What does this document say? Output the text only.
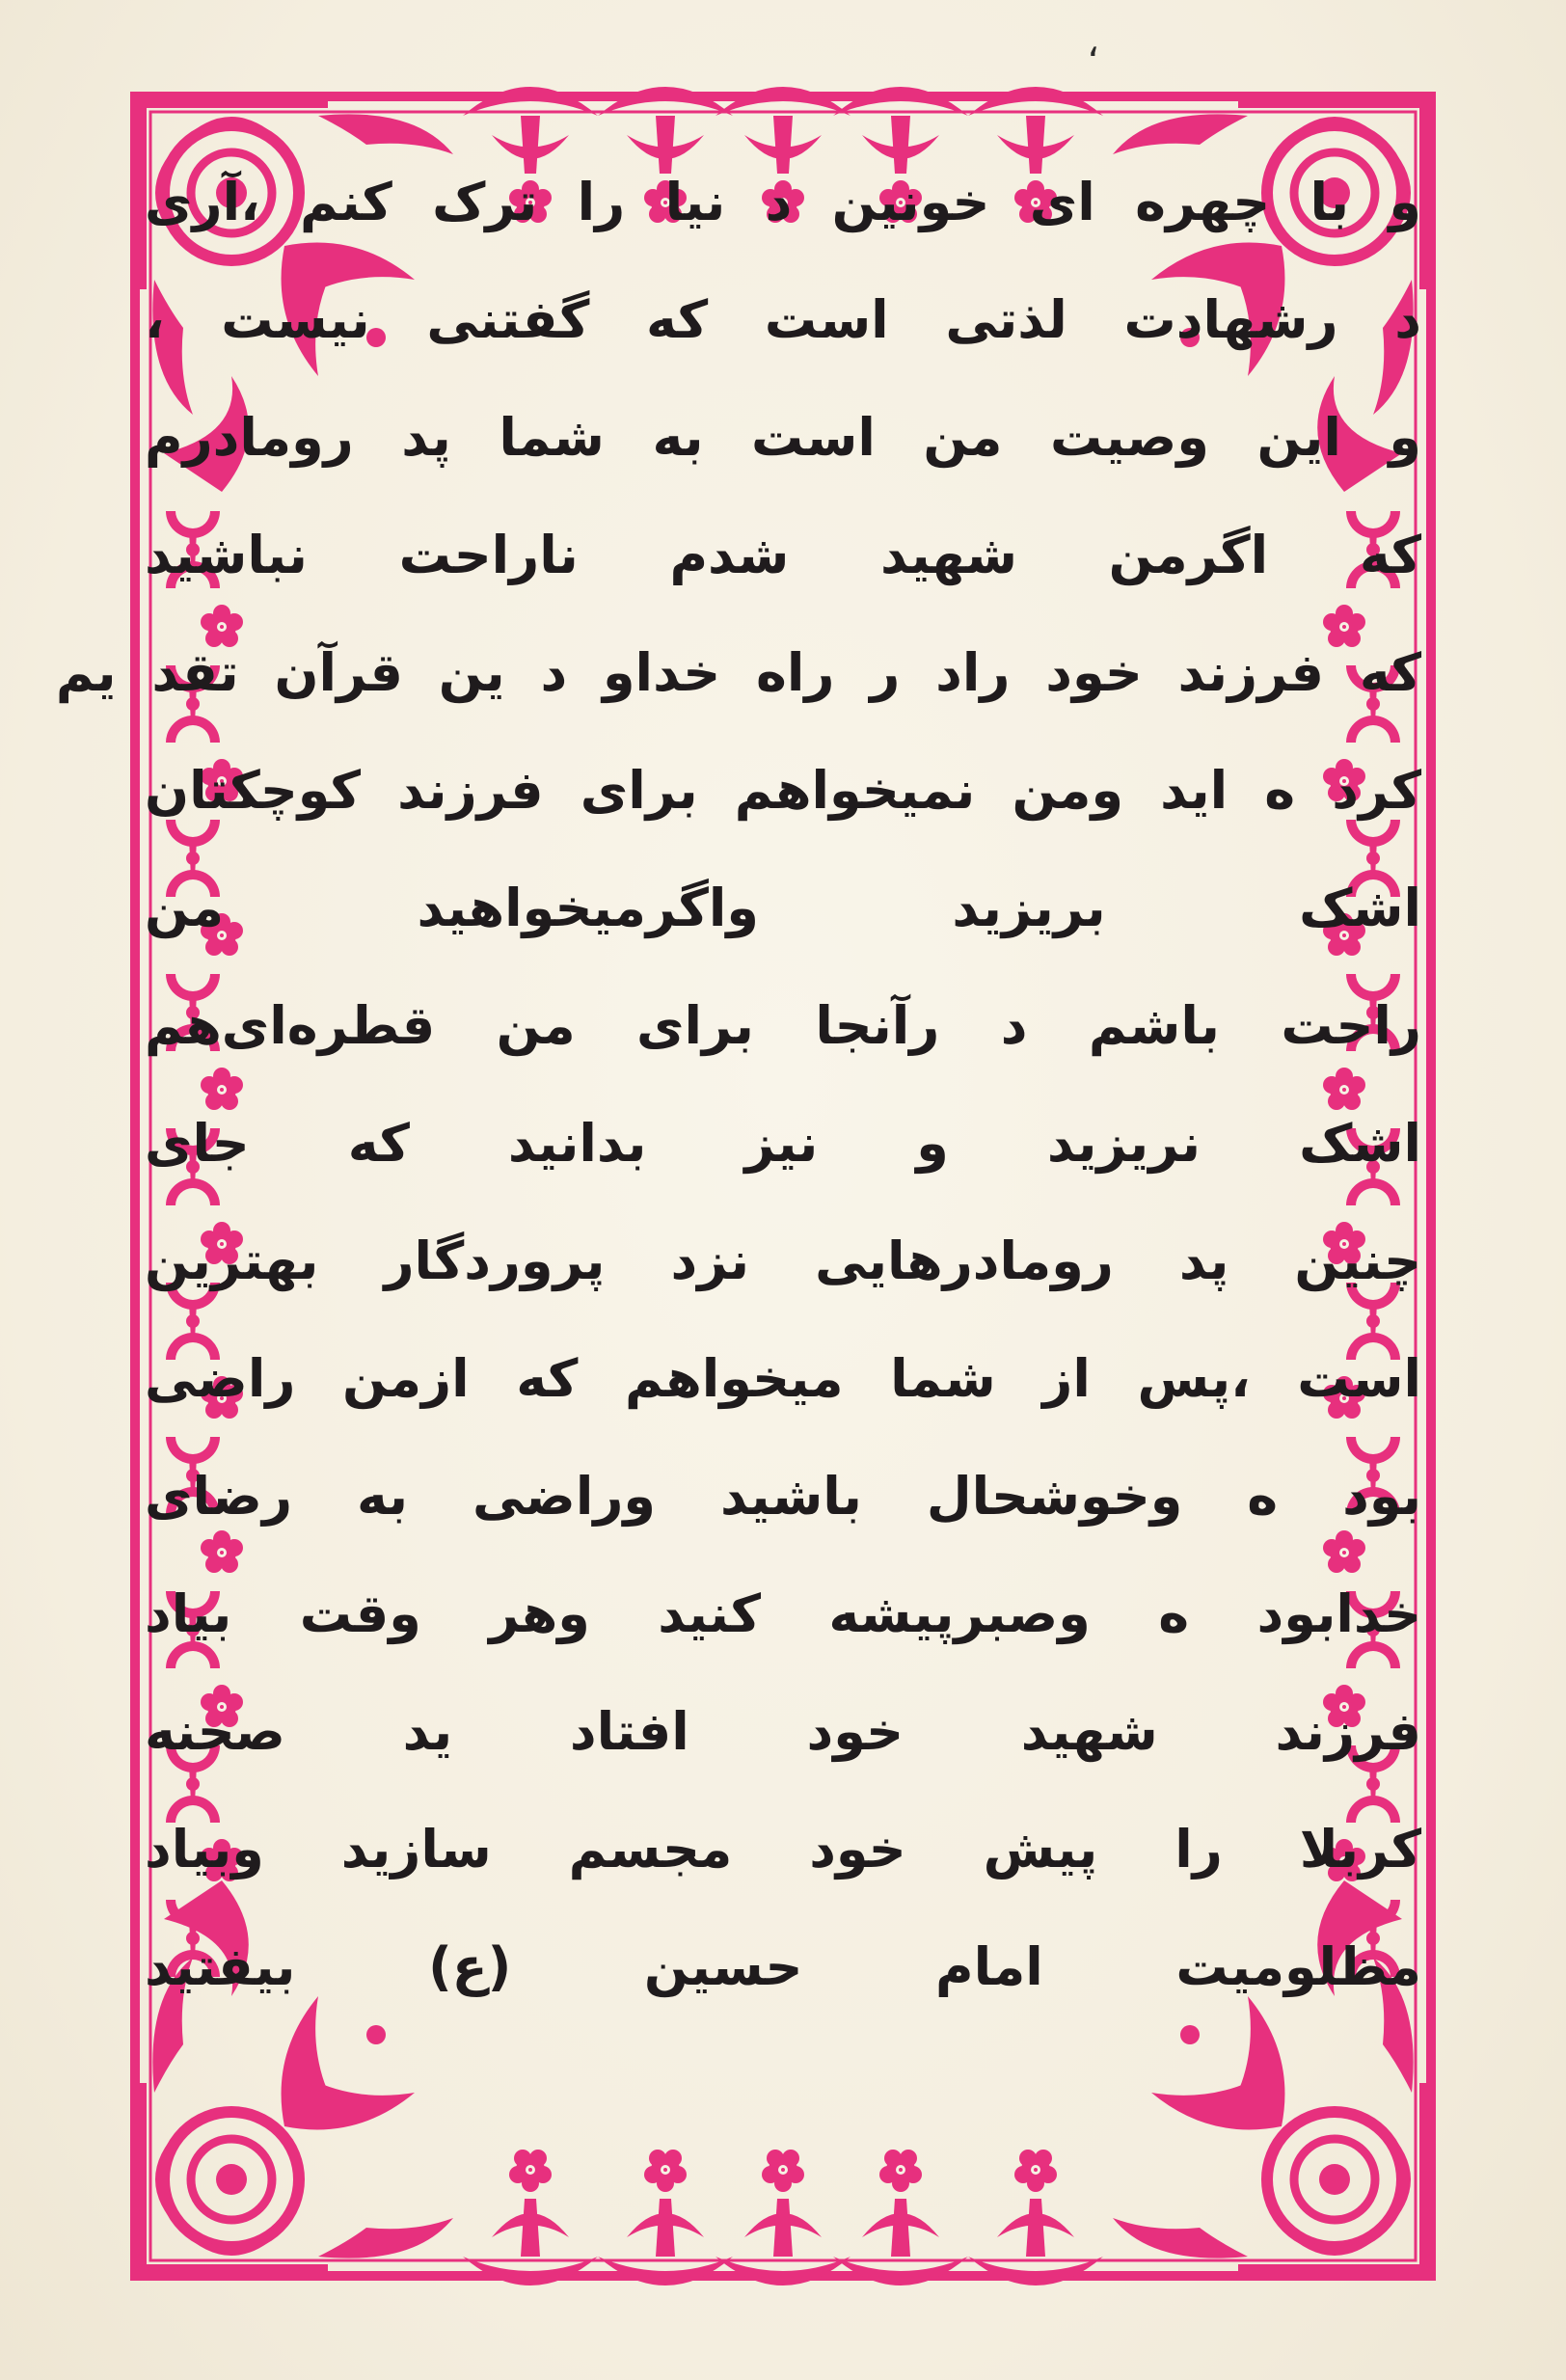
،
و با چهره ای خونین د نیا را ترک کنم ،آری
د رشهادت لذتی است که گفتنی نیست ،
و این وصیت من است به شما پد رومادرم
که اگرمن شهید شدم ناراحت نباشید
که فرزند خود راد ر راه خداو د ین قرآن تقد یم
کرد ه اید ومن نمیخواهم برای فرزند کوچکتان
اشک بریزید واگرمیخواهید من
راحت باشم د رآنجا برای من قطره‌ای‌هم
اشک نریزید و نیز بدانید که جای
چنین پد رومادرهایی نزد پروردگار بهترین
است ،پس از شما میخواهم که ازمن راضی
بود ه وخوشحال باشید وراضی به رضای
خدابود ه وصبرپیشه کنید وهر وقت بیاد
فرزند شهید خود افتاد ید صحنه
کربلا را پیش خود مجسم سازید وبیاد
مظلومیت امام حسین (ع) بیفتید
